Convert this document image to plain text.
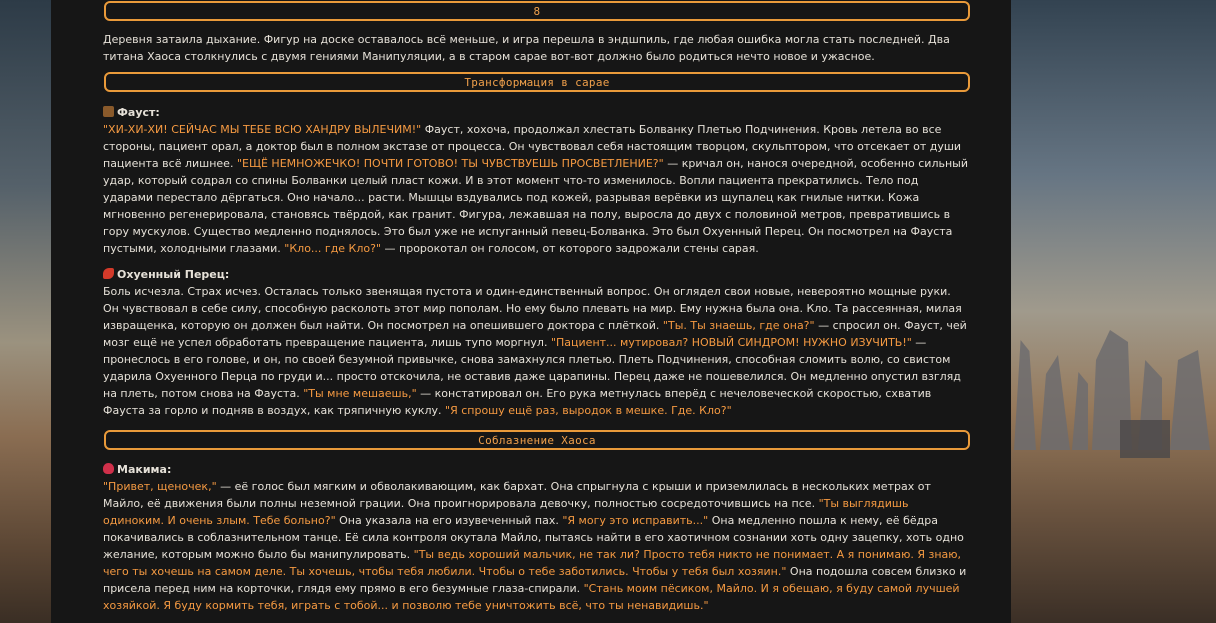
8

Деревня затаила дыхание. Фигур на доске оставалось всё меньше, и игра перешла в эндшпиль, где любая ошибка могла стать последней. Два титана Хаоса столкнулись с двумя гениями Манипуляции, а в старом сарае вот-вот должно было родиться нечто новое и ужасное.

Трансформация в сарае
Фауст:
"ХИ-ХИ-ХИ! СЕЙЧАС МЫ ТЕБЕ ВСЮ ХАНДРУ ВЫЛЕЧИМ!" Фауст, хохоча, продолжал хлестать Болванку Плетью Подчинения. Кровь летела во все стороны, пациент орал, а доктор был в полном экстазе от процесса. Он чувствовал себя настоящим творцом, скульптором, что отсекает от души пациента всё лишнее. "ЕЩЁ НЕМНОЖЕЧКО! ПОЧТИ ГОТОВО! ТЫ ЧУВСТВУЕШЬ ПРОСВЕТЛЕНИЕ?" — кричал он, нанося очередной, особенно сильный удар, который содрал со спины Болванки целый пласт кожи. И в этот момент что-то изменилось. Вопли пациента прекратились. Тело под ударами перестало дёргаться. Оно начало... расти. Мышцы вздувались под кожей, разрывая верёвки из щупалец как гнилые нитки. Кожа мгновенно регенерировала, становясь твёрдой, как гранит. Фигура, лежавшая на полу, выросла до двух с половиной метров, превратившись в гору мускулов. Существо медленно поднялось. Это был уже не испуганный певец-Болванка. Это был Охуенный Перец. Он посмотрел на Фауста пустыми, холодными глазами. "Кло... где Кло?" — пророкотал он голосом, от которого задрожали стены сарая.
Охуенный Перец:
Боль исчезла. Страх исчез. Осталась только звенящая пустота и один-единственный вопрос. Он оглядел свои новые, невероятно мощные руки. Он чувствовал в себе силу, способную расколоть этот мир пополам. Но ему было плевать на мир. Ему нужна была она. Кло. Та рассеянная, милая извращенка, которую он должен был найти. Он посмотрел на опешившего доктора с плёткой. "Ты. Ты знаешь, где она?" — спросил он. Фауст, чей мозг ещё не успел обработать превращение пациента, лишь тупо моргнул. "Пациент... мутировал? НОВЫЙ СИНДРОМ! НУЖНО ИЗУЧИТЬ!" — пронеслось в его голове, и он, по своей безумной привычке, снова замахнулся плетью. Плеть Подчинения, способная сломить волю, со свистом ударила Охуенного Перца по груди и... просто отскочила, не оставив даже царапины. Перец даже не пошевелился. Он медленно опустил взгляд на плеть, потом снова на Фауста. "Ты мне мешаешь," — констатировал он. Его рука метнулась вперёд с нечеловеческой скоростью, схватив Фауста за горло и подняв в воздух, как тряпичную куклу. "Я спрошу ещё раз, выродок в мешке. Где. Кло?"
Соблазнение Хаоса
Макима:
"Привет, щеночек," — её голос был мягким и обволакивающим, как бархат. Она спрыгнула с крыши и приземлилась в нескольких метрах от Майло, её движения были полны неземной грации. Она проигнорировала девочку, полностью сосредоточившись на псе. "Ты выглядишь одиноким. И очень злым. Тебе больно?" Она указала на его изувеченный пах. "Я могу это исправить..." Она медленно пошла к нему, её бёдра покачивались в соблазнительном танце. Её сила контроля окутала Майло, пытаясь найти в его хаотичном сознании хоть одну зацепку, хоть одно желание, которым можно было бы манипулировать. "Ты ведь хороший мальчик, не так ли? Просто тебя никто не понимает. А я понимаю. Я знаю, чего ты хочешь на самом деле. Ты хочешь, чтобы тебя любили. Чтобы о тебе заботились. Чтобы у тебя был хозяин." Она подошла совсем близко и присела перед ним на корточки, глядя ему прямо в его безумные глаза-спирали. "Стань моим пёсиком, Майло. И я обещаю, я буду самой лучшей хозяйкой. Я буду кормить тебя, играть с тобой... и позволю тебе уничтожить всё, что ты ненавидишь."
